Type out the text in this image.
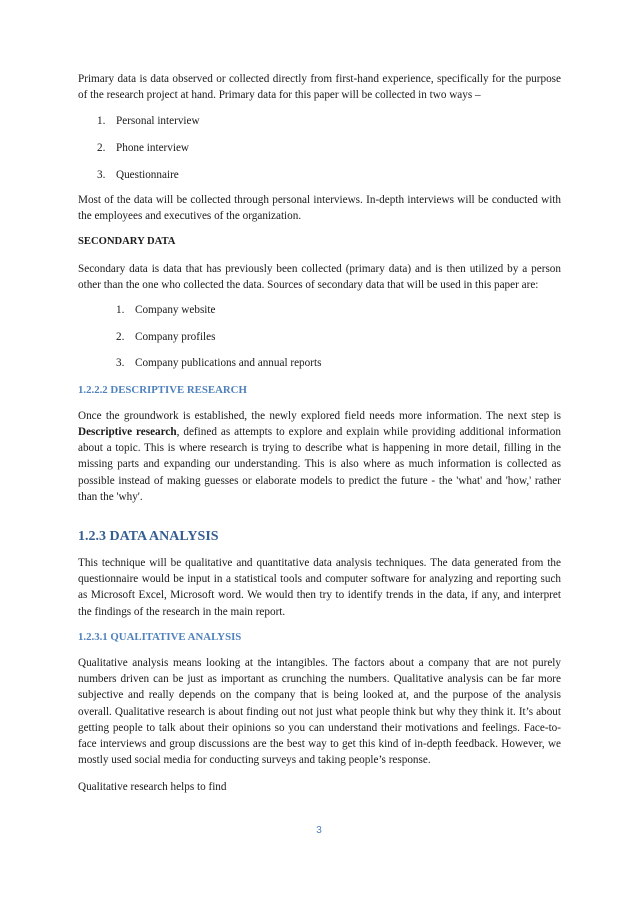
Primary data is data observed or collected directly from first-hand experience, specifically for the purpose of the research project at hand. Primary data for this paper will be collected in two ways –

1. Personal interview
2. Phone interview
3. Questionnaire

Most of the data will be collected through personal interviews. In-depth interviews will be conducted with the employees and executives of the organization.

SECONDARY DATA

Secondary data is data that has previously been collected (primary data) and is then utilized by a person other than the one who collected the data. Sources of secondary data that will be used in this paper are:

1. Company website
2. Company profiles
3. Company publications and annual reports

1.2.2.2 DESCRIPTIVE RESEARCH

Once the groundwork is established, the newly explored field needs more information. The next step is Descriptive research, defined as attempts to explore and explain while providing additional information about a topic. This is where research is trying to describe what is happening in more detail, filling in the missing parts and expanding our understanding. This is also where as much information is collected as possible instead of making guesses or elaborate models to predict the future - the 'what' and 'how,' rather than the 'why'.

1.2.3 DATA ANALYSIS

This technique will be qualitative and quantitative data analysis techniques. The data generated from the questionnaire would be input in a statistical tools and computer software for analyzing and reporting such as Microsoft Excel, Microsoft word. We would then try to identify trends in the data, if any, and interpret the findings of the research in the main report.

1.2.3.1 QUALITATIVE ANALYSIS

Qualitative analysis means looking at the intangibles. The factors about a company that are not purely numbers driven can be just as important as crunching the numbers. Qualitative analysis can be far more subjective and really depends on the company that is being looked at, and the purpose of the analysis overall. Qualitative research is about finding out not just what people think but why they think it. It’s about getting people to talk about their opinions so you can understand their motivations and feelings. Face-to-face interviews and group discussions are the best way to get this kind of in-depth feedback. However, we mostly used social media for conducting surveys and taking people’s response.

Qualitative research helps to find

3
